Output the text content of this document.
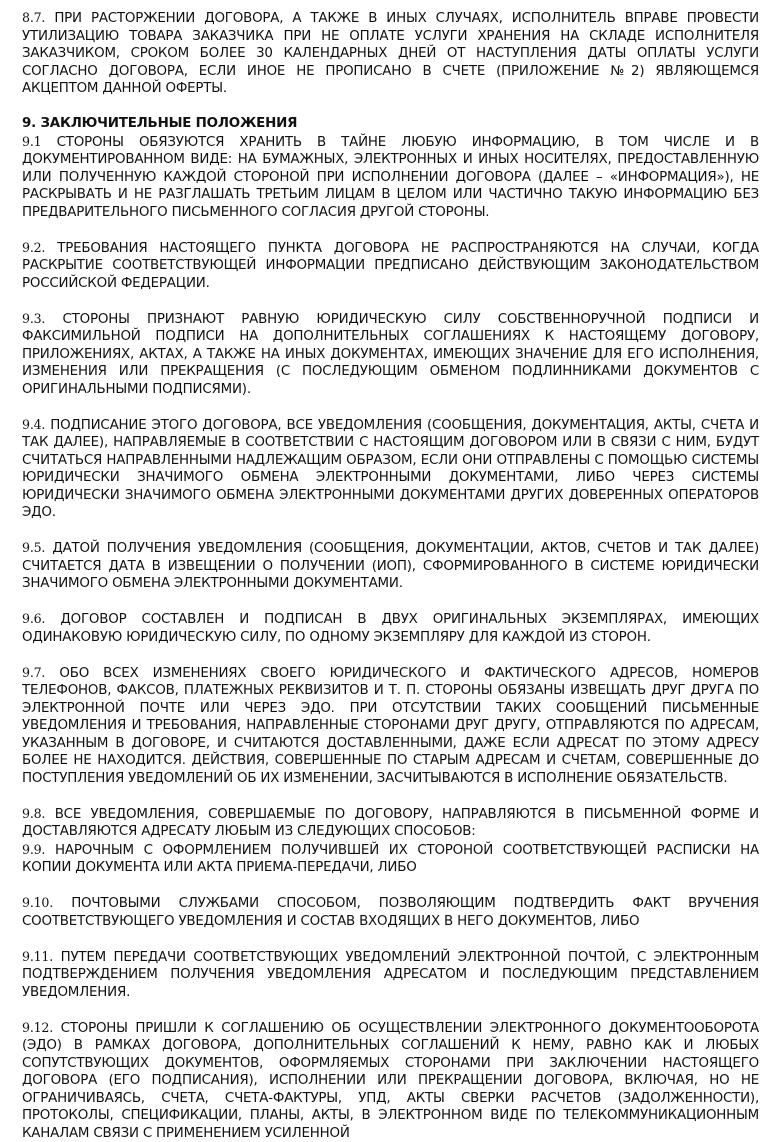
8.7. ПРИ РАСТОРЖЕНИИ ДОГОВОРА, А ТАКЖЕ В ИНЫХ СЛУЧАЯХ, ИСПОЛНИТЕЛЬ ВПРАВЕ ПРОВЕСТИ УТИЛИЗАЦИЮ ТОВАРА ЗАКАЗЧИКА ПРИ НЕ ОПЛАТЕ УСЛУГИ ХРАНЕНИЯ НА СКЛАДЕ ИСПОЛНИТЕЛЯ ЗАКАЗЧИКОМ, СРОКОМ БОЛЕЕ 30 КАЛЕНДАРНЫХ ДНЕЙ ОТ НАСТУПЛЕНИЯ ДАТЫ ОПЛАТЫ УСЛУГИ СОГЛАСНО ДОГОВОРА, ЕСЛИ ИНОЕ НЕ ПРОПИСАНО В СЧЕТЕ (ПРИЛОЖЕНИЕ №2) ЯВЛЯЮЩЕМСЯ АКЦЕПТОМ ДАННОЙ ОФЕРТЫ.

9. ЗАКЛЮЧИТЕЛЬНЫЕ ПОЛОЖЕНИЯ

9.1 СТОРОНЫ ОБЯЗУЮТСЯ ХРАНИТЬ В ТАЙНЕ ЛЮБУЮ ИНФОРМАЦИЮ, В ТОМ ЧИСЛЕ И В ДОКУМЕНТИРОВАННОМ ВИДЕ: НА БУМАЖНЫХ, ЭЛЕКТРОННЫХ И ИНЫХ НОСИТЕЛЯХ, ПРЕДОСТАВЛЕННУЮ ИЛИ ПОЛУЧЕННУЮ КАЖДОЙ СТОРОНОЙ ПРИ ИСПОЛНЕНИИ ДОГОВОРА (ДАЛЕЕ – «ИНФОРМАЦИЯ»), НЕ РАСКРЫВАТЬ И НЕ РАЗГЛАШАТЬ ТРЕТЬИМ ЛИЦАМ В ЦЕЛОМ ИЛИ ЧАСТИЧНО ТАКУЮ ИНФОРМАЦИЮ БЕЗ ПРЕДВАРИТЕЛЬНОГО ПИСЬМЕННОГО СОГЛАСИЯ ДРУГОЙ СТОРОНЫ.

9.2. ТРЕБОВАНИЯ НАСТОЯЩЕГО ПУНКТА ДОГОВОРА НЕ РАСПРОСТРАНЯЮТСЯ НА СЛУЧАИ, КОГДА РАСКРЫТИЕ СООТВЕТСТВУЮЩЕЙ ИНФОРМАЦИИ ПРЕДПИСАНО ДЕЙСТВУЮЩИМ ЗАКОНОДАТЕЛЬСТВОМ РОССИЙСКОЙ ФЕДЕРАЦИИ.

9.3. СТОРОНЫ ПРИЗНАЮТ РАВНУЮ ЮРИДИЧЕСКУЮ СИЛУ СОБСТВЕННОРУЧНОЙ ПОДПИСИ И ФАКСИМИЛЬНОЙ ПОДПИСИ НА ДОПОЛНИТЕЛЬНЫХ СОГЛАШЕНИЯХ К НАСТОЯЩЕМУ ДОГОВОРУ, ПРИЛОЖЕНИЯХ, АКТАХ, А ТАКЖЕ НА ИНЫХ ДОКУМЕНТАХ, ИМЕЮЩИХ ЗНАЧЕНИЕ ДЛЯ ЕГО ИСПОЛНЕНИЯ, ИЗМЕНЕНИЯ ИЛИ ПРЕКРАЩЕНИЯ (С ПОСЛЕДУЮЩИМ ОБМЕНОМ ПОДЛИННИКАМИ ДОКУМЕНТОВ С ОРИГИНАЛЬНЫМИ ПОДПИСЯМИ).

9.4. ПОДПИСАНИЕ ЭТОГО ДОГОВОРА, ВСЕ УВЕДОМЛЕНИЯ (СООБЩЕНИЯ, ДОКУМЕНТАЦИЯ, АКТЫ, СЧЕТА И ТАК ДАЛЕЕ), НАПРАВЛЯЕМЫЕ В СООТВЕТСТВИИ С НАСТОЯЩИМ ДОГОВОРОМ ИЛИ В СВЯЗИ С НИМ, БУДУТ СЧИТАТЬСЯ НАПРАВЛЕННЫМИ НАДЛЕЖАЩИМ ОБРАЗОМ, ЕСЛИ ОНИ ОТПРАВЛЕНЫ С ПОМОЩЬЮ СИСТЕМЫ ЮРИДИЧЕСКИ ЗНАЧИМОГО ОБМЕНА ЭЛЕКТРОННЫМИ ДОКУМЕНТАМИ, ЛИБО ЧЕРЕЗ СИСТЕМЫ ЮРИДИЧЕСКИ ЗНАЧИМОГО ОБМЕНА ЭЛЕКТРОННЫМИ ДОКУМЕНТАМИ ДРУГИХ ДОВЕРЕННЫХ ОПЕРАТОРОВ ЭДО.

9.5. ДАТОЙ ПОЛУЧЕНИЯ УВЕДОМЛЕНИЯ (СООБЩЕНИЯ, ДОКУМЕНТАЦИИ, АКТОВ, СЧЕТОВ И ТАК ДАЛЕЕ) СЧИТАЕТСЯ ДАТА В ИЗВЕЩЕНИИ О ПОЛУЧЕНИИ (ИОП), СФОРМИРОВАННОГО В СИСТЕМЕ ЮРИДИЧЕСКИ ЗНАЧИМОГО ОБМЕНА ЭЛЕКТРОННЫМИ ДОКУМЕНТАМИ.

9.6. ДОГОВОР СОСТАВЛЕН И ПОДПИСАН В ДВУХ ОРИГИНАЛЬНЫХ ЭКЗЕМПЛЯРАХ, ИМЕЮЩИХ ОДИНАКОВУЮ ЮРИДИЧЕСКУЮ СИЛУ, ПО ОДНОМУ ЭКЗЕМПЛЯРУ ДЛЯ КАЖДОЙ ИЗ СТОРОН.

9.7. ОБО ВСЕХ ИЗМЕНЕНИЯХ СВОЕГО ЮРИДИЧЕСКОГО И ФАКТИЧЕСКОГО АДРЕСОВ, НОМЕРОВ ТЕЛЕФОНОВ, ФАКСОВ, ПЛАТЕЖНЫХ РЕКВИЗИТОВ И Т. П. СТОРОНЫ ОБЯЗАНЫ ИЗВЕЩАТЬ ДРУГ ДРУГА ПО ЭЛЕКТРОННОЙ ПОЧТЕ ИЛИ ЧЕРЕЗ ЭДО. ПРИ ОТСУТСТВИИ ТАКИХ СООБЩЕНИЙ ПИСЬМЕННЫЕ УВЕДОМЛЕНИЯ И ТРЕБОВАНИЯ, НАПРАВЛЕННЫЕ СТОРОНАМИ ДРУГ ДРУГУ, ОТПРАВЛЯЮТСЯ ПО АДРЕСАМ, УКАЗАННЫМ В ДОГОВОРЕ, И СЧИТАЮТСЯ ДОСТАВЛЕННЫМИ, ДАЖЕ ЕСЛИ АДРЕСАТ ПО ЭТОМУ АДРЕСУ БОЛЕЕ НЕ НАХОДИТСЯ. ДЕЙСТВИЯ, СОВЕРШЕННЫЕ ПО СТАРЫМ АДРЕСАМ И СЧЕТАМ, СОВЕРШЕННЫЕ ДО ПОСТУПЛЕНИЯ УВЕДОМЛЕНИЙ ОБ ИХ ИЗМЕНЕНИИ, ЗАСЧИТЫВАЮТСЯ В ИСПОЛНЕНИЕ ОБЯЗАТЕЛЬСТВ.

9.8. ВСЕ УВЕДОМЛЕНИЯ, СОВЕРШАЕМЫЕ ПО ДОГОВОРУ, НАПРАВЛЯЮТСЯ В ПИСЬМЕННОЙ ФОРМЕ И ДОСТАВЛЯЮТСЯ АДРЕСАТУ ЛЮБЫМ ИЗ СЛЕДУЮЩИХ СПОСОБОВ:

9.9. НАРОЧНЫМ С ОФОРМЛЕНИЕМ ПОЛУЧИВШЕЙ ИХ СТОРОНОЙ СООТВЕТСТВУЮЩЕЙ РАСПИСКИ НА КОПИИ ДОКУМЕНТА ИЛИ АКТА ПРИЕМА-ПЕРЕДАЧИ, ЛИБО

9.10. ПОЧТОВЫМИ СЛУЖБАМИ СПОСОБОМ, ПОЗВОЛЯЮЩИМ ПОДТВЕРДИТЬ ФАКТ ВРУЧЕНИЯ СООТВЕТСТВУЮЩЕГО УВЕДОМЛЕНИЯ И СОСТАВ ВХОДЯЩИХ В НЕГО ДОКУМЕНТОВ, ЛИБО

9.11. ПУТЕМ ПЕРЕДАЧИ СООТВЕТСТВУЮЩИХ УВЕДОМЛЕНИЙ ЭЛЕКТРОННОЙ ПОЧТОЙ, С ЭЛЕКТРОННЫМ ПОДТВЕРЖДЕНИЕМ ПОЛУЧЕНИЯ УВЕДОМЛЕНИЯ АДРЕСАТОМ И ПОСЛЕДУЮЩИМ ПРЕДСТАВЛЕНИЕМ УВЕДОМЛЕНИЯ.

9.12. СТОРОНЫ ПРИШЛИ К СОГЛАШЕНИЮ ОБ ОСУЩЕСТВЛЕНИИ ЭЛЕКТРОННОГО ДОКУМЕНТООБОРОТА (ЭДО) В РАМКАХ ДОГОВОРА, ДОПОЛНИТЕЛЬНЫХ СОГЛАШЕНИЙ К НЕМУ, РАВНО КАК И ЛЮБЫХ СОПУТСТВУЮЩИХ ДОКУМЕНТОВ, ОФОРМЛЯЕМЫХ СТОРОНАМИ ПРИ ЗАКЛЮЧЕНИИ НАСТОЯЩЕГО ДОГОВОРА (ЕГО ПОДПИСАНИЯ), ИСПОЛНЕНИИ ИЛИ ПРЕКРАЩЕНИИ ДОГОВОРА, ВКЛЮЧАЯ, НО НЕ ОГРАНИЧИВАЯСЬ, СЧЕТА, СЧЕТА-ФАКТУРЫ, УПД, АКТЫ СВЕРКИ РАСЧЕТОВ (ЗАДОЛЖЕННОСТИ), ПРОТОКОЛЫ, СПЕЦИФИКАЦИИ, ПЛАНЫ, АКТЫ, В ЭЛЕКТРОННОМ ВИДЕ ПО ТЕЛЕКОММУНИКАЦИОННЫМ КАНАЛАМ СВЯЗИ С ПРИМЕНЕНИЕМ УСИЛЕННОЙ
